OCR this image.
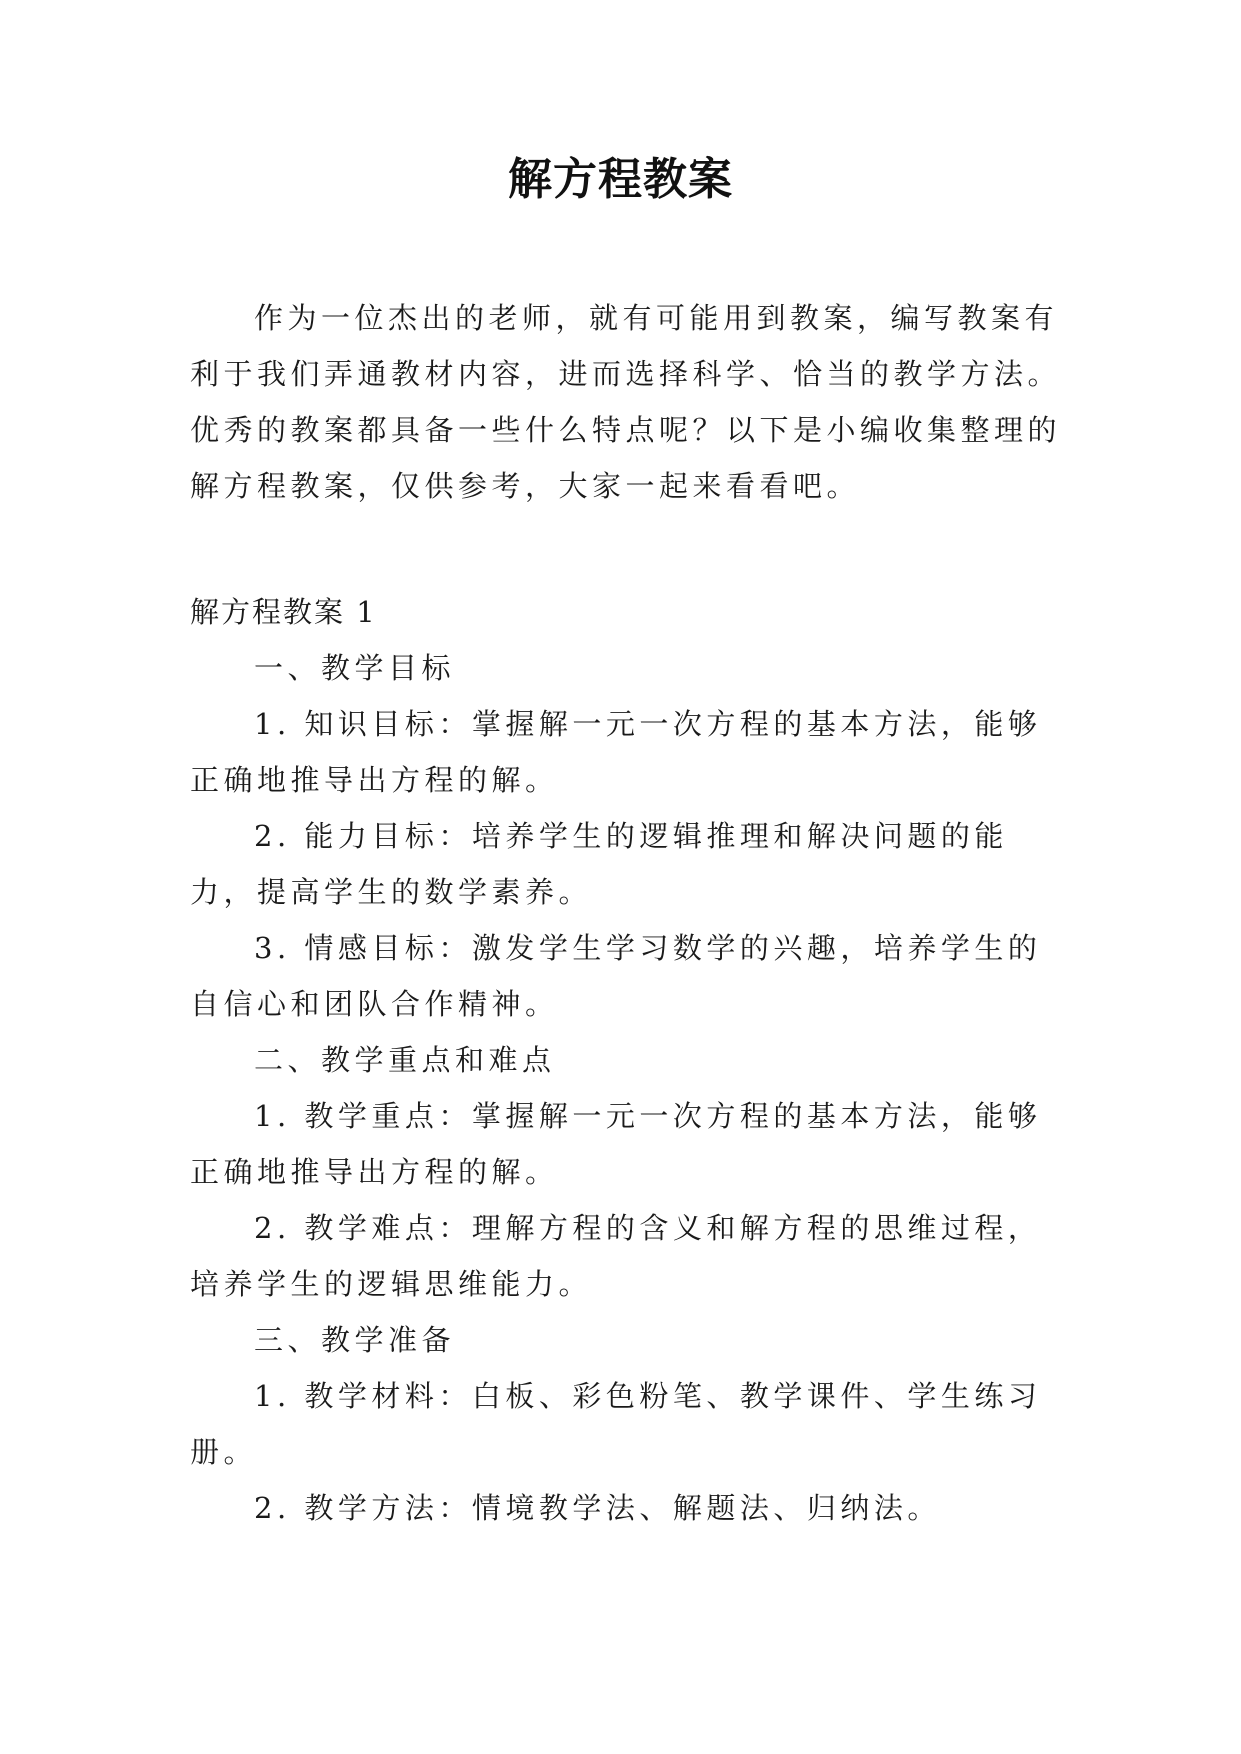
解方程教案

作为一位杰出的老师，就有可能用到教案，编写教案有利于我们弄通教材内容，进而选择科学、恰当的教学方法。优秀的教案都具备一些什么特点呢？以下是小编收集整理的解方程教案，仅供参考，大家一起来看看吧。

解方程教案 1

一、教学目标

1. 知识目标：掌握解一元一次方程的基本方法，能够正确地推导出方程的解。

2. 能力目标：培养学生的逻辑推理和解决问题的能力，提高学生的数学素养。

3. 情感目标：激发学生学习数学的兴趣，培养学生的自信心和团队合作精神。

二、教学重点和难点

1. 教学重点：掌握解一元一次方程的基本方法，能够正确地推导出方程的解。

2. 教学难点：理解方程的含义和解方程的思维过程，培养学生的逻辑思维能力。

三、教学准备

1. 教学材料：白板、彩色粉笔、教学课件、学生练习册。

2. 教学方法：情境教学法、解题法、归纳法。
